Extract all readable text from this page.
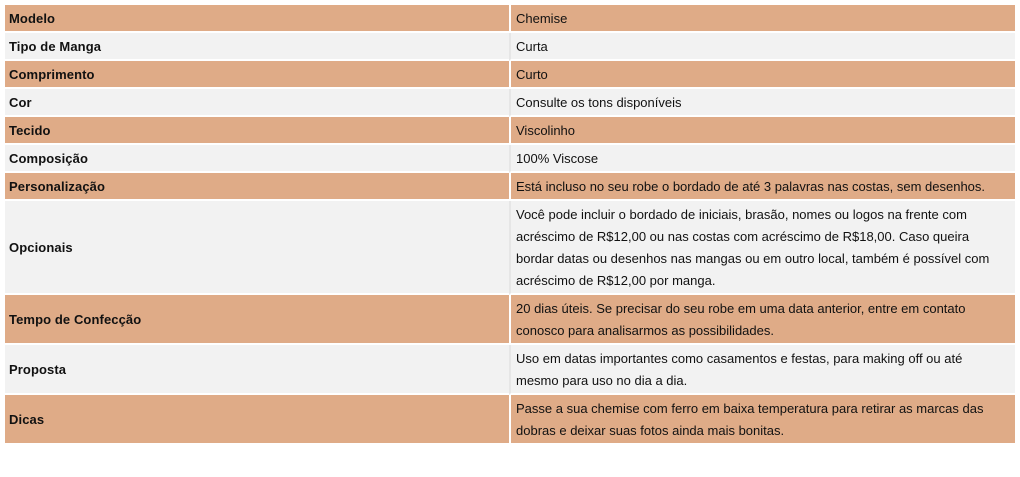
Modelo	Chemise
Tipo de Manga	Curta
Comprimento	Curto
Cor	Consulte os tons disponíveis
Tecido	Viscolinho
Composição	100% Viscose
Personalização	Está incluso no seu robe o bordado de até 3 palavras nas costas, sem desenhos.
Opcionais	Você pode incluir o bordado de iniciais, brasão, nomes ou logos na frente com acréscimo de R$12,00 ou nas costas com acréscimo de R$18,00. Caso queira bordar datas ou desenhos nas mangas ou em outro local, também é possível com acréscimo de R$12,00 por manga.
Tempo de Confecção	20 dias úteis. Se precisar do seu robe em uma data anterior, entre em contato conosco para analisarmos as possibilidades.
Proposta	Uso em datas importantes como casamentos e festas, para making off ou até mesmo para uso no dia a dia.
Dicas	Passe a sua chemise com ferro em baixa temperatura para retirar as marcas das dobras e deixar suas fotos ainda mais bonitas.
